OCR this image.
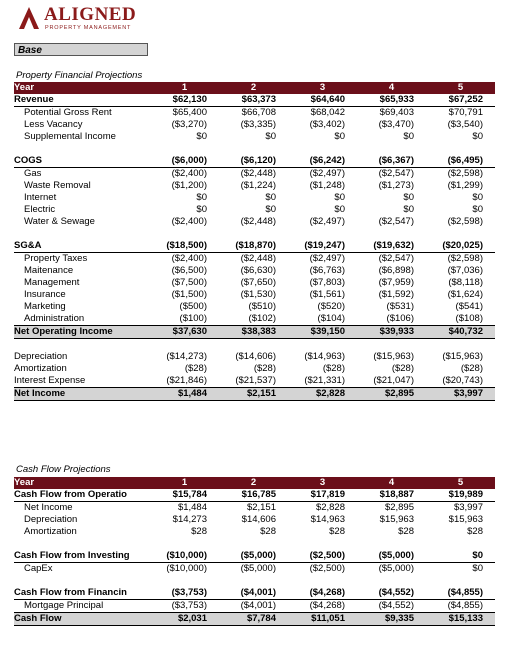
ALIGNED
PROPERTY MANAGEMENT
Base
Property Financial Projections
Year	1	2	3	4	5
Revenue	$62,130	$63,373	$64,640	$65,933	$67,252
Potential Gross Rent	$65,400	$66,708	$68,042	$69,403	$70,791
Less Vacancy	($3,270)	($3,335)	($3,402)	($3,470)	($3,540)
Supplemental Income	$0	$0	$0	$0	$0

COGS	($6,000)	($6,120)	($6,242)	($6,367)	($6,495)
Gas	($2,400)	($2,448)	($2,497)	($2,547)	($2,598)
Waste Removal	($1,200)	($1,224)	($1,248)	($1,273)	($1,299)
Internet	$0	$0	$0	$0	$0
Electric	$0	$0	$0	$0	$0
Water & Sewage	($2,400)	($2,448)	($2,497)	($2,547)	($2,598)

SG&A	($18,500)	($18,870)	($19,247)	($19,632)	($20,025)
Property Taxes	($2,400)	($2,448)	($2,497)	($2,547)	($2,598)
Maitenance	($6,500)	($6,630)	($6,763)	($6,898)	($7,036)
Management	($7,500)	($7,650)	($7,803)	($7,959)	($8,118)
Insurance	($1,500)	($1,530)	($1,561)	($1,592)	($1,624)
Marketing	($500)	($510)	($520)	($531)	($541)
Administration	($100)	($102)	($104)	($106)	($108)
Net Operating Income	$37,630	$38,383	$39,150	$39,933	$40,732

Depreciation	($14,273)	($14,606)	($14,963)	($15,963)	($15,963)
Amortization	($28)	($28)	($28)	($28)	($28)
Interest Expense	($21,846)	($21,537)	($21,331)	($21,047)	($20,743)
Net Income	$1,484	$2,151	$2,828	$2,895	$3,997
Cash Flow Projections
Year	1	2	3	4	5
Cash Flow from Operatio	$15,784	$16,785	$17,819	$18,887	$19,989
Net Income	$1,484	$2,151	$2,828	$2,895	$3,997
Depreciation	$14,273	$14,606	$14,963	$15,963	$15,963
Amortization	$28	$28	$28	$28	$28

Cash Flow from Investing	($10,000)	($5,000)	($2,500)	($5,000)	$0
CapEx	($10,000)	($5,000)	($2,500)	($5,000)	$0

Cash Flow from Financin	($3,753)	($4,001)	($4,268)	($4,552)	($4,855)
Mortgage Principal	($3,753)	($4,001)	($4,268)	($4,552)	($4,855)
Cash Flow	$2,031	$7,784	$11,051	$9,335	$15,133
